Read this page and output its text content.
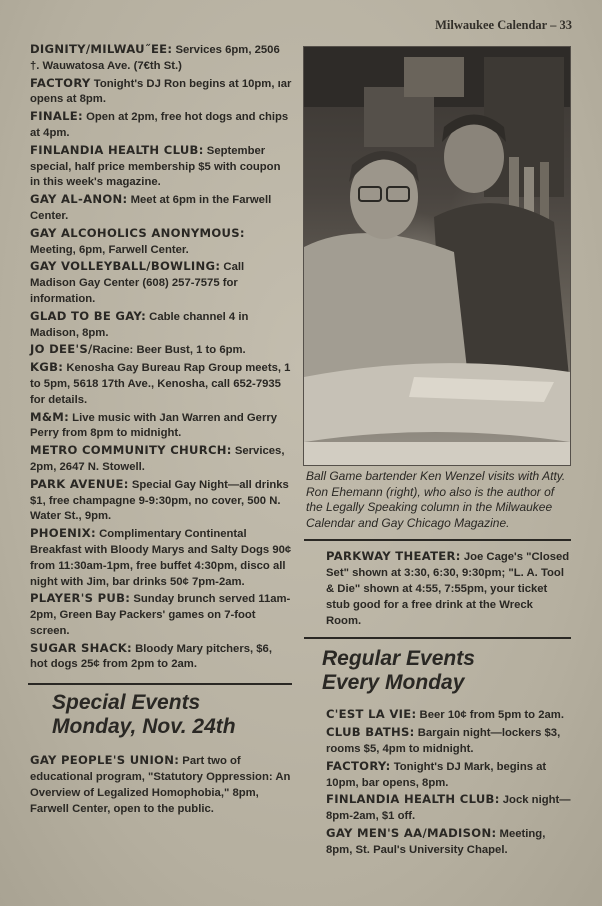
Milwaukee Calendar – 33
DIGNITY/MILWAU˝EE: Services 6pm, 2506 †. Wauwatosa Ave. (7€th St.)
FACTORY Tonight's DJ Ron begins at 10pm, ıar opens at 8pm.
FINALE: Open at 2pm, free hot dogs and chips at 4pm.
FINLANDIA HEALTH CLUB: September special, half price membership $5 with coupon in this week's magazine.
GAY AL-ANON: Meet at 6pm in the Farwell Center.
GAY ALCOHOLICS ANONYMOUS: Meeting, 6pm, Farwell Center.
GAY VOLLEYBALL/BOWLING: Call Madison Gay Center (608) 257-7575 for information.
GLAD TO BE GAY: Cable channel 4 in Madison, 8pm.
JO DEE'S/Racine: Beer Bust, 1 to 6pm.
KGB: Kenosha Gay Bureau Rap Group meets, 1 to 5pm, 5618 17th Ave., Kenosha, call 652-7935 for details.
M&M: Live music with Jan Warren and Gerry Perry from 8pm to midnight.
METRO COMMUNITY CHURCH: Services, 2pm, 2647 N. Stowell.
PARK AVENUE: Special Gay Night—all drinks $1, free champagne 9-9:30pm, no cover, 500 N. Water St., 9pm.
PHOENIX: Complimentary Continental Breakfast with Bloody Marys and Salty Dogs 90¢ from 11:30am-1pm, free buffet 4:30pm, disco all night with Jim, bar drinks 50¢ 7pm-2am.
PLAYER'S PUB: Sunday brunch served 11am-2pm, Green Bay Packers' games on 7-foot screen.
SUGAR SHACK: Bloody Mary pitchers, $6, hot dogs 25¢ from 2pm to 2am.
Special Events
Monday, Nov. 24th
GAY PEOPLE'S UNION: Part two of educational program, "Statutory Oppression: An Overview of Legalized Homophobia," 8pm, Farwell Center, open to the public.
Ball Game bartender Ken Wenzel visits with Atty. Ron Ehemann (right), who also is the author of the Legally Speaking column in the Milwaukee Calendar and Gay Chicago Magazine.
PARKWAY THEATER: Joe Cage's "Closed Set" shown at 3:30, 6:30, 9:30pm; "L. A. Tool & Die" shown at 4:55, 7:55pm, your ticket stub good for a free drink at the Wreck Room.
Regular Events
Every Monday
C'EST LA VIE: Beer 10¢ from 5pm to 2am.
CLUB BATHS: Bargain night—lockers $3, rooms $5, 4pm to midnight.
FACTORY: Tonight's DJ Mark, begins at 10pm, bar opens, 8pm.
FINLANDIA HEALTH CLUB: Jock night—8pm-2am, $1 off.
GAY MEN'S AA/MADISON: Meeting, 8pm, St. Paul's University Chapel.
